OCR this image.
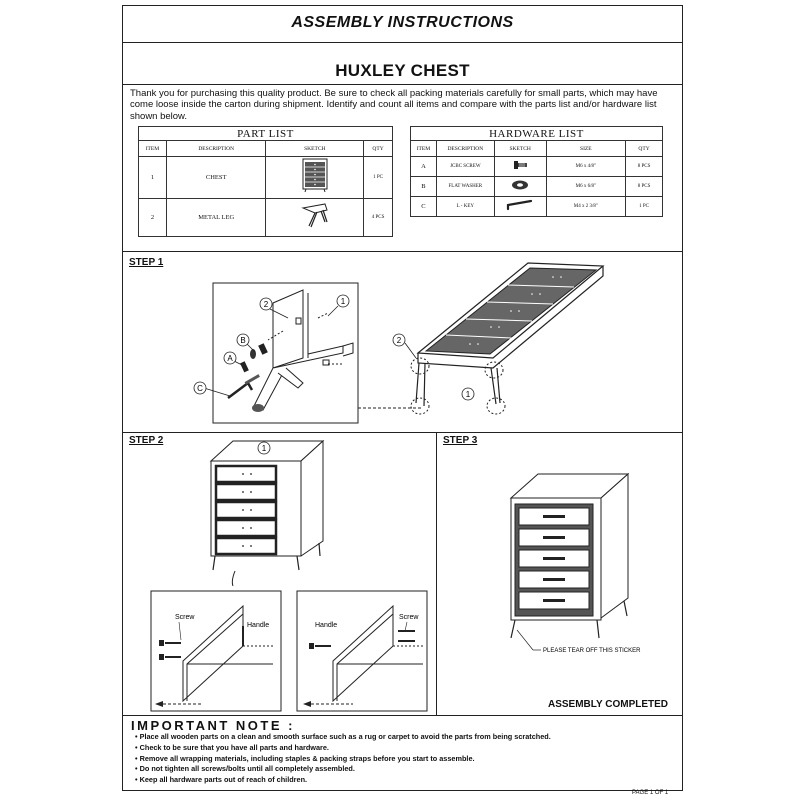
ASSEMBLY INSTRUCTIONS
HUXLEY CHEST
Thank you for purchasing this quality product. Be sure to check all packing materials carefully for small parts, which may have come loose inside the carton during shipment. Identify and count all items and compare with the parts list and/or hardware list shown below.
PART LIST			
ITEM	DESCRIPTION	SKETCH	QTY
1	CHEST		1 PC
2	METAL LEG		4 PCS
HARDWARE LIST				
ITEM	DESCRIPTION	SKETCH	SIZE	QTY
A	JCBC SCREW		M6 x 4/8"	8 PCS
B	FLAT WASHER		M6 x 6/8"	8 PCS
C	L - KEY		M4 x 2 3/8"	1 PC
STEP 1
2	1
B
A
C
2
1
STEP 2
1
Screw
Handle	Handle
Screw
STEP 3
PLEASE TEAR OFF THIS STICKER
ASSEMBLY COMPLETED
IMPORTANT NOTE :
• Place all wooden parts on a clean and smooth surface such as a rug or carpet to avoid the parts from being scratched.
• Check to be sure that you have all parts and hardware.
• Remove all wrapping materials, including staples & packing straps before you start to assemble.
• Do not tighten all screws/bolts until all completely assembled.
• Keep all hardware parts out of reach of children.
PAGE 1 OF 1
